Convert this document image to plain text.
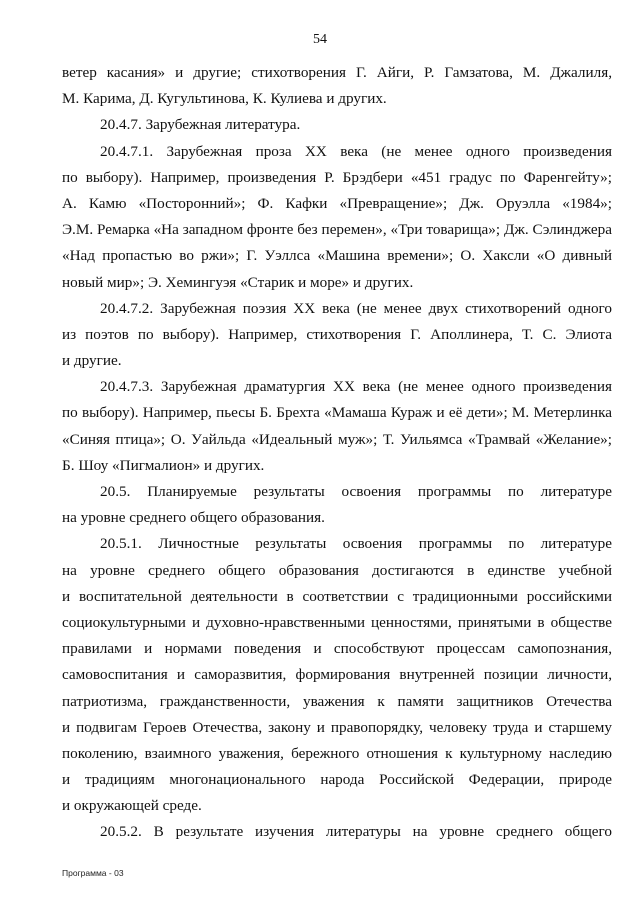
54
ветер касания» и другие; стихотворения Г. Айги, Р. Гамзатова, М. Джалиля,
М. Карима, Д. Кугультинова, К. Кулиева и других.
20.4.7. Зарубежная литература.
20.4.7.1. Зарубежная проза XX века (не менее одного произведения
по выбору). Например, произведения Р. Брэдбери «451 градус по Фаренгейту»;
А. Камю «Посторонний»; Ф. Кафки «Превращение»; Дж. Оруэлла «1984»;
Э.М. Ремарка «На западном фронте без перемен», «Три товарища»; Дж. Сэлинджера
«Над пропастью во ржи»; Г. Уэллса «Машина времени»; О. Хаксли «О дивный
новый мир»; Э. Хемингуэя «Старик и море» и других.
20.4.7.2. Зарубежная поэзия XX века (не менее двух стихотворений одного
из поэтов по выбору). Например, стихотворения Г. Аполлинера, Т. С. Элиота
и другие.
20.4.7.3. Зарубежная драматургия XX века (не менее одного произведения
по выбору). Например, пьесы Б. Брехта «Мамаша Кураж и её дети»; М. Метерлинка
«Синяя птица»; О. Уайльда «Идеальный муж»; Т. Уильямса «Трамвай «Желание»;
Б. Шоу «Пигмалион» и других.
20.5. Планируемые результаты освоения программы по литературе
на уровне среднего общего образования.
20.5.1. Личностные результаты освоения программы по литературе
на уровне среднего общего образования достигаются в единстве учебной
и воспитательной деятельности в соответствии с традиционными российскими
социокультурными и духовно-нравственными ценностями, принятыми в обществе
правилами и нормами поведения и способствуют процессам самопознания,
самовоспитания и саморазвития, формирования внутренней позиции личности,
патриотизма, гражданственности, уважения к памяти защитников Отечества
и подвигам Героев Отечества, закону и правопорядку, человеку труда и старшему
поколению, взаимного уважения, бережного отношения к культурному наследию
и традициям многонационального народа Российской Федерации, природе
и окружающей среде.
20.5.2. В результате изучения литературы на уровне среднего общего
Программа - 03
